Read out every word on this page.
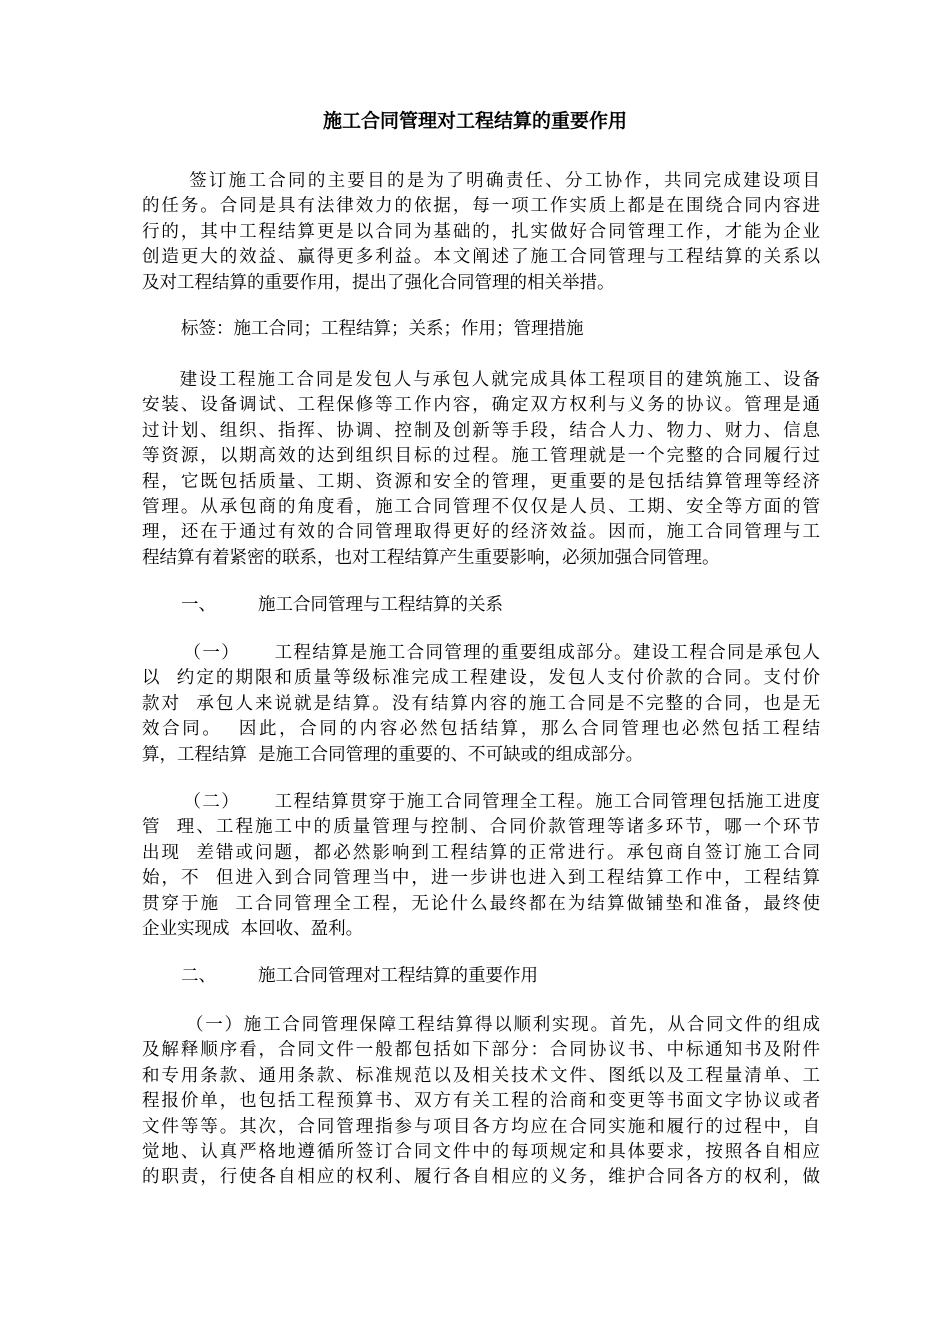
施工合同管理对工程结算的重要作用
签订施工合同的主要目的是为了明确责任、分工协作，共同完成建设项目
的任务。合同是具有法律效力的依据，每一项工作实质上都是在围绕合同内容进
行的，其中工程结算更是以合同为基础的，扎实做好合同管理工作，才能为企业
创造更大的效益、赢得更多利益。本文阐述了施工合同管理与工程结算的关系以
及对工程结算的重要作用，提出了强化合同管理的相关举措。
标签：施工合同；工程结算；关系；作用；管理措施
建设工程施工合同是发包人与承包人就完成具体工程项目的建筑施工、设备
安装、设备调试、工程保修等工作内容，确定双方权利与义务的协议。管理是通
过计划、组织、指挥、协调、控制及创新等手段，结合人力、物力、财力、信息
等资源，以期高效的达到组织目标的过程。施工管理就是一个完整的合同履行过
程，它既包括质量、工期、资源和安全的管理，更重要的是包括结算管理等经济
管理。从承包商的角度看，施工合同管理不仅仅是人员、工期、安全等方面的管
理，还在于通过有效的合同管理取得更好的经济效益。因而，施工合同管理与工
程结算有着紧密的联系，也对工程结算产生重要影响，必须加强合同管理。
一、 施工合同管理与工程结算的关系
（一）     工程结算是施工合同管理的重要组成部分。建设工程合同是承包人
以  约定的期限和质量等级标准完成工程建设，发包人支付价款的合同。支付价
款对  承包人来说就是结算。没有结算内容的施工合同是不完整的合同，也是无
效合同。  因此，合同的内容必然包括结算，那么合同管理也必然包括工程结
算，工程结算  是施工合同管理的重要的、不可缺或的组成部分。
（二）     工程结算贯穿于施工合同管理全工程。施工合同管理包括施工进度
管  理、工程施工中的质量管理与控制、合同价款管理等诸多环节，哪一个环节
出现  差错或问题，都必然影响到工程结算的正常进行。承包商自签订施工合同
始，不  但进入到合同管理当中，进一步讲也进入到工程结算工作中，工程结算
贯穿于施  工合同管理全工程，无论什么最终都在为结算做铺垫和准备，最终使
企业实现成  本回收、盈利。
二、 施工合同管理对工程结算的重要作用
（一）施工合同管理保障工程结算得以顺利实现。首先，从合同文件的组成
及解释顺序看，合同文件一般都包括如下部分：合同协议书、中标通知书及附件
和专用条款、通用条款、标准规范以及相关技术文件、图纸以及工程量清单、工
程报价单，也包括工程预算书、双方有关工程的洽商和变更等书面文字协议或者
文件等等。其次，合同管理指参与项目各方均应在合同实施和履行的过程中，自
觉地、认真严格地遵循所签订合同文件中的每项规定和具体要求，按照各自相应
的职责，行使各自相应的权利、履行各自相应的义务，维护合同各方的权利，做
